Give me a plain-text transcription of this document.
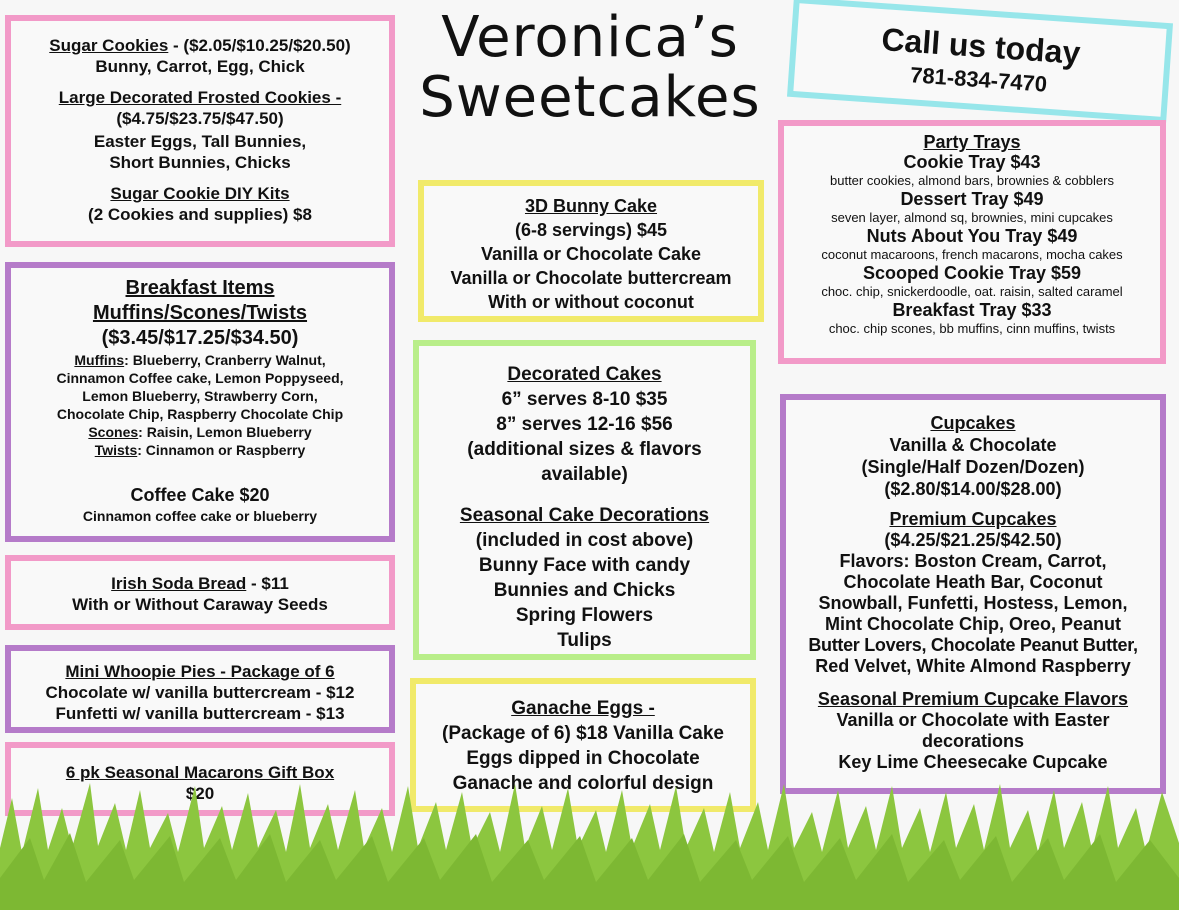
Veronica’s
Sweetcakes
Call us today
781-834-7470
Sugar Cookies - ($2.05/$10.25/$20.50)
Bunny, Carrot, Egg, Chick
Large Decorated Frosted Cookies -
($4.75/$23.75/$47.50)
Easter Eggs, Tall Bunnies,
Short Bunnies, Chicks
Sugar Cookie DIY Kits
(2 Cookies and supplies) $8
Breakfast Items
Muffins/Scones/Twists
($3.45/$17.25/$34.50)
Muffins: Blueberry, Cranberry Walnut,
Cinnamon Coffee cake, Lemon Poppyseed,
Lemon Blueberry, Strawberry Corn,
Chocolate Chip, Raspberry Chocolate Chip
Scones: Raisin, Lemon Blueberry
Twists: Cinnamon or Raspberry
Coffee Cake $20
Cinnamon coffee cake or blueberry
Irish Soda Bread - $11
With or Without Caraway Seeds
Mini Whoopie Pies - Package of 6
Chocolate w/ vanilla buttercream - $12
Funfetti w/ vanilla buttercream - $13
6 pk Seasonal Macarons Gift Box
$20
3D Bunny Cake
(6-8 servings) $45
Vanilla or Chocolate Cake
Vanilla or Chocolate buttercream
With or without coconut
Decorated Cakes
6” serves 8-10 $35
8” serves 12-16 $56
(additional sizes & flavors
available)
Seasonal Cake Decorations
(included in cost above)
Bunny Face with candy
Bunnies and Chicks
Spring Flowers
Tulips
Ganache Eggs -
(Package of 6) $18 Vanilla Cake
Eggs dipped in Chocolate
Ganache and colorful design
Party Trays
Cookie Tray $43
butter cookies, almond bars, brownies & cobblers
Dessert Tray $49
seven layer, almond sq, brownies, mini cupcakes
Nuts About You Tray $49
coconut macaroons, french macarons, mocha cakes
Scooped Cookie Tray $59
choc. chip, snickerdoodle, oat. raisin, salted caramel
Breakfast Tray $33
choc. chip scones, bb muffins, cinn muffins, twists
Cupcakes
Vanilla & Chocolate
(Single/Half Dozen/Dozen)
($2.80/$14.00/$28.00)
Premium Cupcakes
($4.25/$21.25/$42.50)
Flavors: Boston Cream, Carrot,
Chocolate Heath Bar, Coconut
Snowball, Funfetti, Hostess, Lemon,
Mint Chocolate Chip, Oreo, Peanut
Butter Lovers, Chocolate Peanut Butter,
Red Velvet, White Almond Raspberry
Seasonal Premium Cupcake Flavors
Vanilla or Chocolate with Easter
decorations
Key Lime Cheesecake Cupcake
